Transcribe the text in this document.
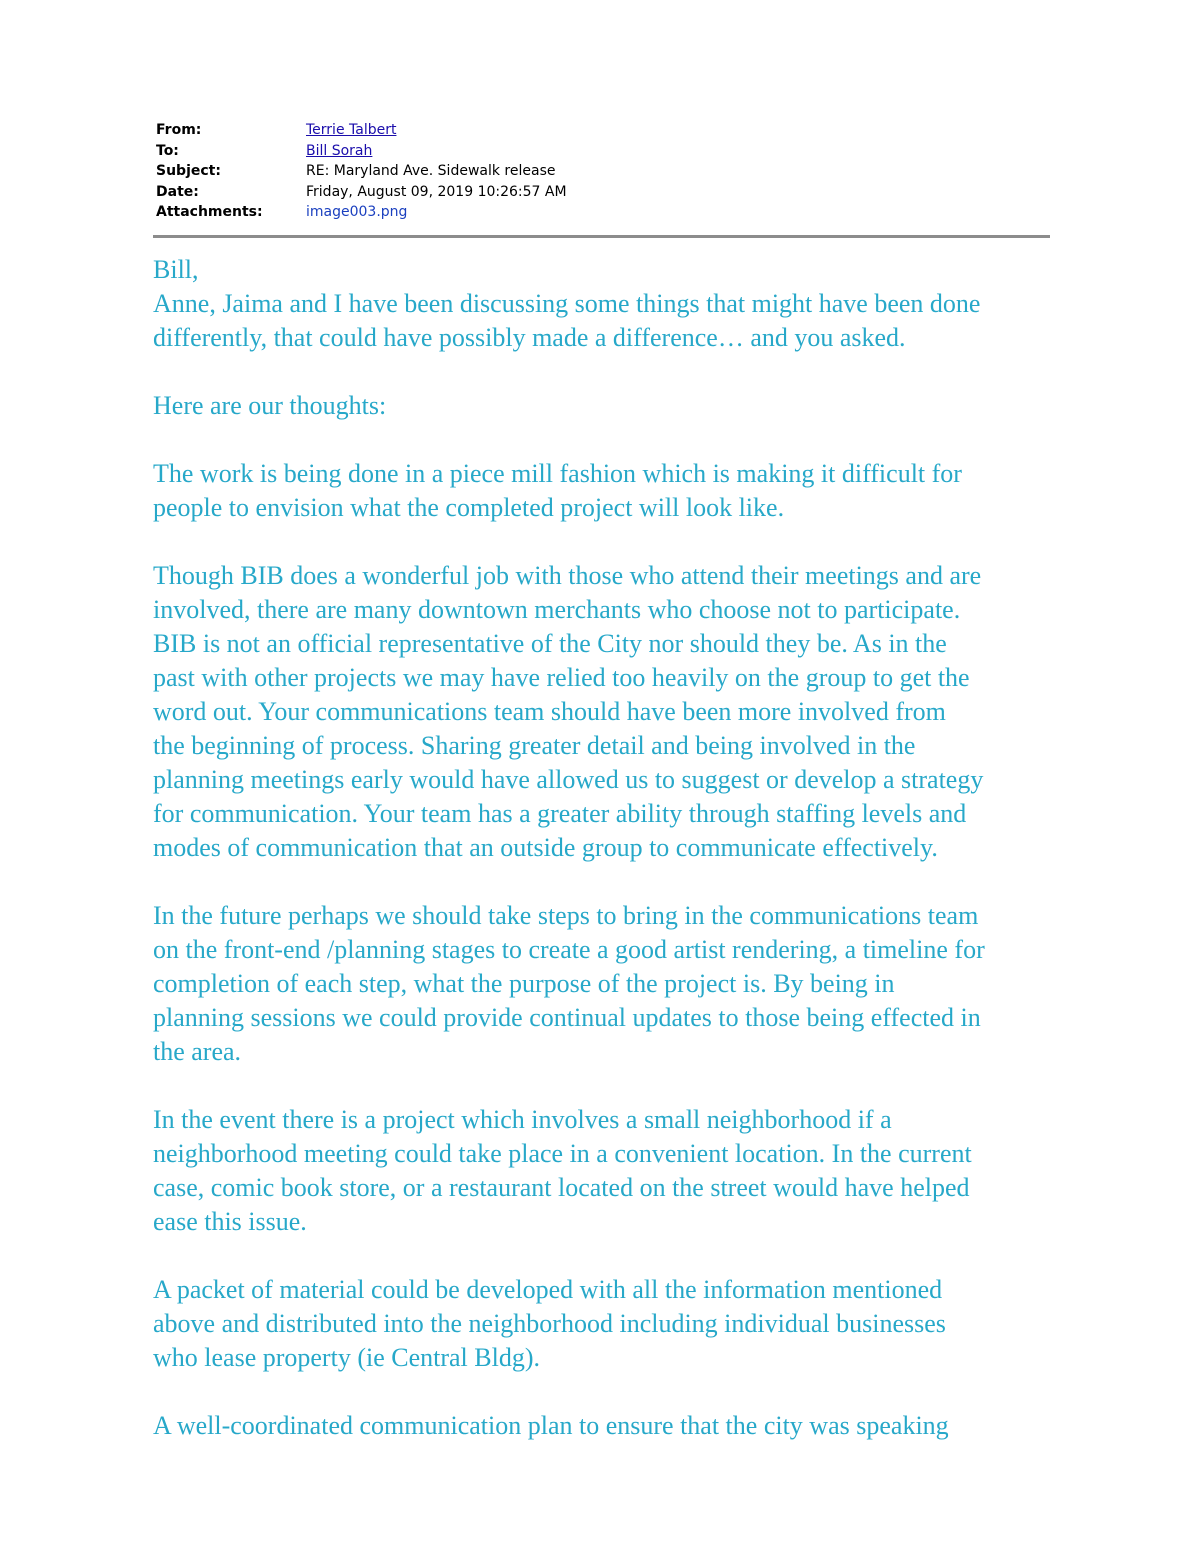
From:	Terrie Talbert
To:	Bill Sorah
Subject:	RE: Maryland Ave. Sidewalk release
Date:	Friday, August 09, 2019 10:26:57 AM
Attachments:	image003.png

Bill,

Anne, Jaima and I have been discussing some things that might have been done
differently, that could have possibly made a difference… and you asked.

Here are our thoughts:

The work is being done in a piece mill fashion which is making it difficult for
people to envision what the completed project will look like.

Though BIB does a wonderful job with those who attend their meetings and are
involved, there are many downtown merchants who choose not to participate.
BIB is not an official representative of the City nor should they be. As in the
past with other projects we may have relied too heavily on the group to get the
word out. Your communications team should have been more involved from
the beginning of process. Sharing greater detail and being involved in the
planning meetings early would have allowed us to suggest or develop a strategy
for communication. Your team has a greater ability through staffing levels and
modes of communication that an outside group to communicate effectively.

In the future perhaps we should take steps to bring in the communications team
on the front-end /planning stages to create a good artist rendering, a timeline for
completion of each step, what the purpose of the project is. By being in
planning sessions we could provide continual updates to those being effected in
the area.

In the event there is a project which involves a small neighborhood if a
neighborhood meeting could take place in a convenient location. In the current
case, comic book store, or a restaurant located on the street would have helped
ease this issue.

A packet of material could be developed with all the information mentioned
above and distributed into the neighborhood including individual businesses
who lease property (ie Central Bldg).

A well-coordinated communication plan to ensure that the city was speaking
